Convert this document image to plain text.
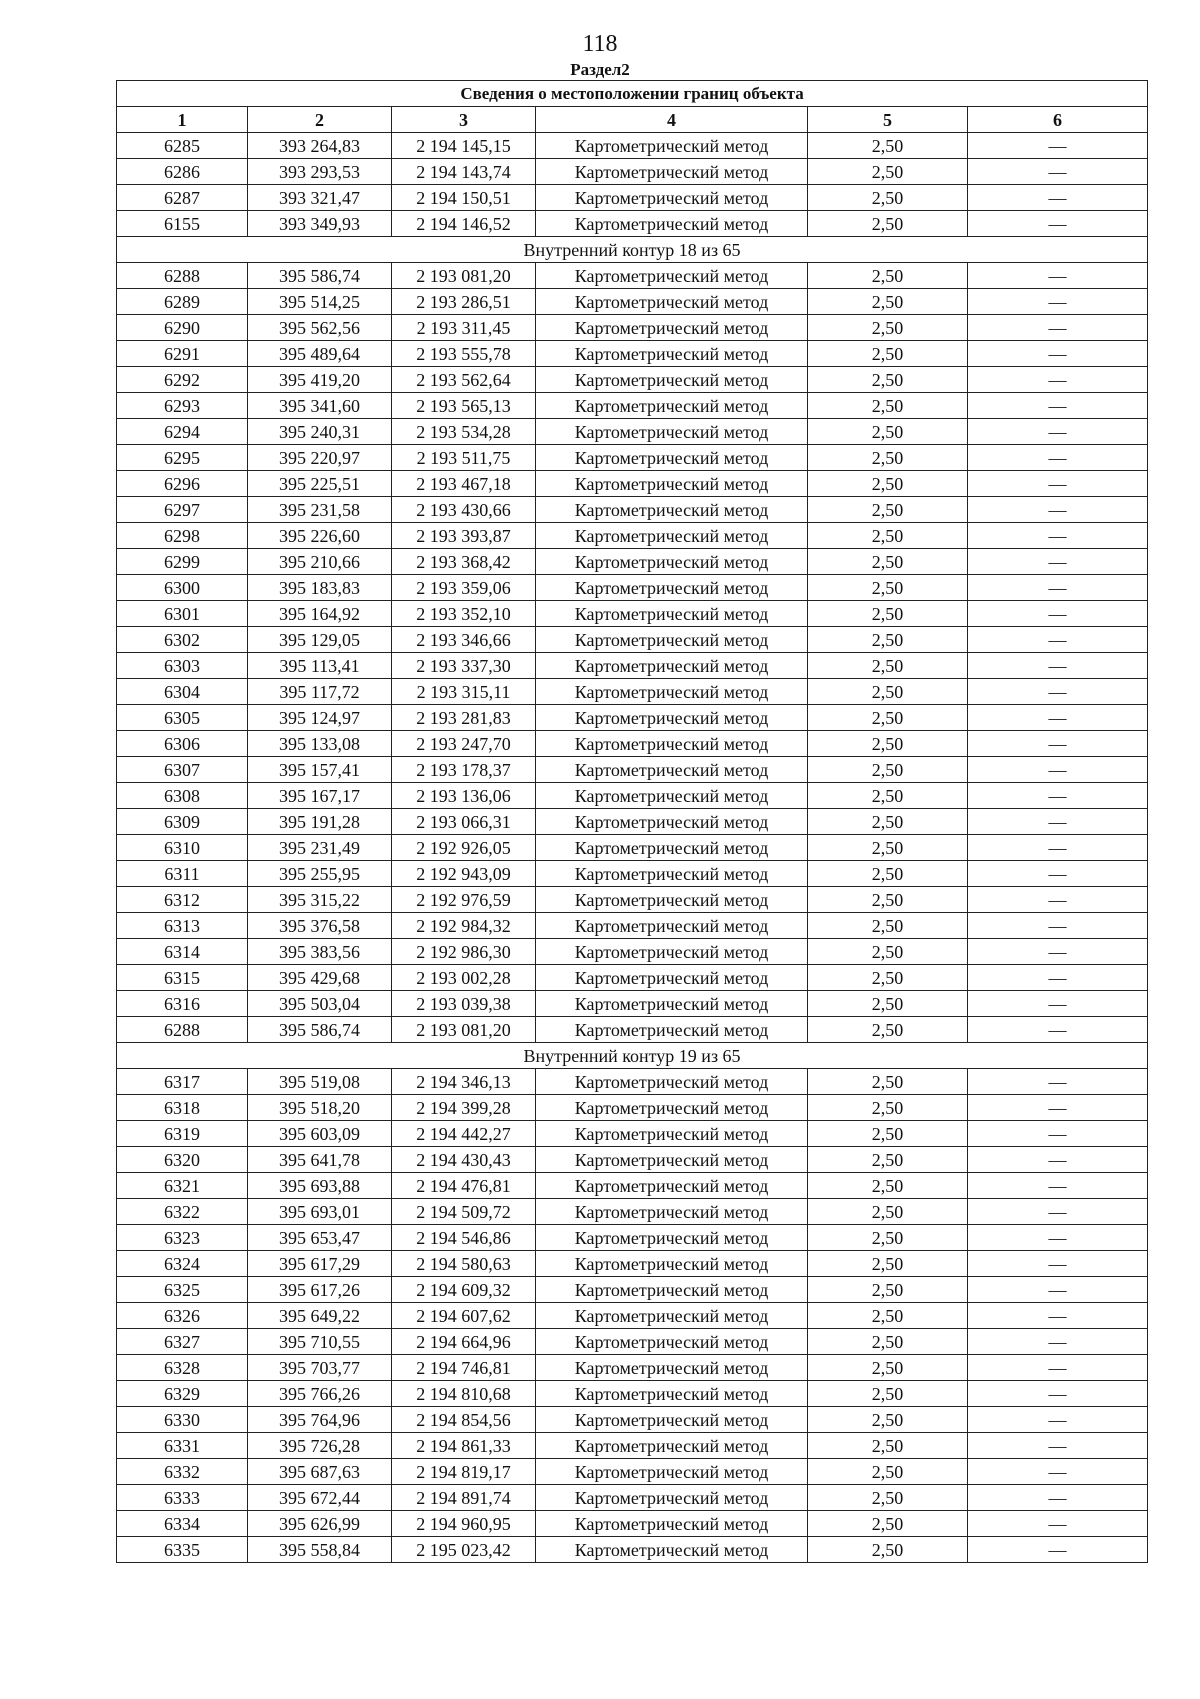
118
Раздел2
Сведения о местоположении границ объекта					
1	2	3	4	5	6
6285	393 264,83	2 194 145,15	Картометрический метод	2,50	—
6286	393 293,53	2 194 143,74	Картометрический метод	2,50	—
6287	393 321,47	2 194 150,51	Картометрический метод	2,50	—
6155	393 349,93	2 194 146,52	Картометрический метод	2,50	—
Внутренний контур 18 из 65					
6288	395 586,74	2 193 081,20	Картометрический метод	2,50	—
6289	395 514,25	2 193 286,51	Картометрический метод	2,50	—
6290	395 562,56	2 193 311,45	Картометрический метод	2,50	—
6291	395 489,64	2 193 555,78	Картометрический метод	2,50	—
6292	395 419,20	2 193 562,64	Картометрический метод	2,50	—
6293	395 341,60	2 193 565,13	Картометрический метод	2,50	—
6294	395 240,31	2 193 534,28	Картометрический метод	2,50	—
6295	395 220,97	2 193 511,75	Картометрический метод	2,50	—
6296	395 225,51	2 193 467,18	Картометрический метод	2,50	—
6297	395 231,58	2 193 430,66	Картометрический метод	2,50	—
6298	395 226,60	2 193 393,87	Картометрический метод	2,50	—
6299	395 210,66	2 193 368,42	Картометрический метод	2,50	—
6300	395 183,83	2 193 359,06	Картометрический метод	2,50	—
6301	395 164,92	2 193 352,10	Картометрический метод	2,50	—
6302	395 129,05	2 193 346,66	Картометрический метод	2,50	—
6303	395 113,41	2 193 337,30	Картометрический метод	2,50	—
6304	395 117,72	2 193 315,11	Картометрический метод	2,50	—
6305	395 124,97	2 193 281,83	Картометрический метод	2,50	—
6306	395 133,08	2 193 247,70	Картометрический метод	2,50	—
6307	395 157,41	2 193 178,37	Картометрический метод	2,50	—
6308	395 167,17	2 193 136,06	Картометрический метод	2,50	—
6309	395 191,28	2 193 066,31	Картометрический метод	2,50	—
6310	395 231,49	2 192 926,05	Картометрический метод	2,50	—
6311	395 255,95	2 192 943,09	Картометрический метод	2,50	—
6312	395 315,22	2 192 976,59	Картометрический метод	2,50	—
6313	395 376,58	2 192 984,32	Картометрический метод	2,50	—
6314	395 383,56	2 192 986,30	Картометрический метод	2,50	—
6315	395 429,68	2 193 002,28	Картометрический метод	2,50	—
6316	395 503,04	2 193 039,38	Картометрический метод	2,50	—
6288	395 586,74	2 193 081,20	Картометрический метод	2,50	—
Внутренний контур 19 из 65					
6317	395 519,08	2 194 346,13	Картометрический метод	2,50	—
6318	395 518,20	2 194 399,28	Картометрический метод	2,50	—
6319	395 603,09	2 194 442,27	Картометрический метод	2,50	—
6320	395 641,78	2 194 430,43	Картометрический метод	2,50	—
6321	395 693,88	2 194 476,81	Картометрический метод	2,50	—
6322	395 693,01	2 194 509,72	Картометрический метод	2,50	—
6323	395 653,47	2 194 546,86	Картометрический метод	2,50	—
6324	395 617,29	2 194 580,63	Картометрический метод	2,50	—
6325	395 617,26	2 194 609,32	Картометрический метод	2,50	—
6326	395 649,22	2 194 607,62	Картометрический метод	2,50	—
6327	395 710,55	2 194 664,96	Картометрический метод	2,50	—
6328	395 703,77	2 194 746,81	Картометрический метод	2,50	—
6329	395 766,26	2 194 810,68	Картометрический метод	2,50	—
6330	395 764,96	2 194 854,56	Картометрический метод	2,50	—
6331	395 726,28	2 194 861,33	Картометрический метод	2,50	—
6332	395 687,63	2 194 819,17	Картометрический метод	2,50	—
6333	395 672,44	2 194 891,74	Картометрический метод	2,50	—
6334	395 626,99	2 194 960,95	Картометрический метод	2,50	—
6335	395 558,84	2 195 023,42	Картометрический метод	2,50	—
